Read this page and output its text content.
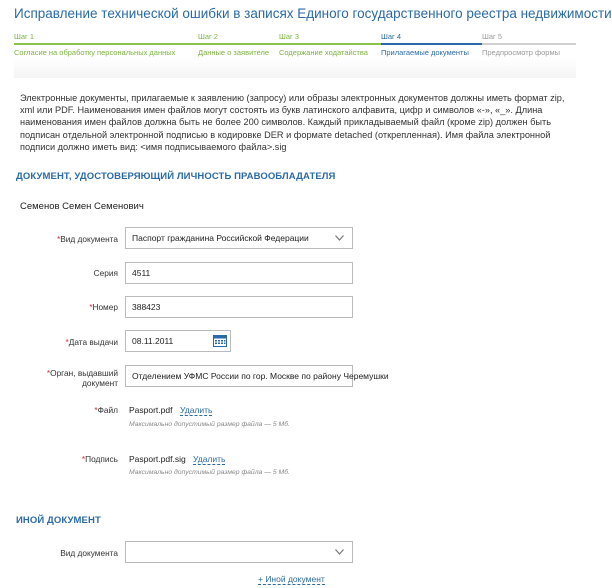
Исправление технической ошибки в записях Единого государственного реестра недвижимости
Шаг 1
Согласие на обработку персональных данных
Шаг 2
Данные о заявителе
Шаг 3
Содержание ходатайства
Шаг 4
Прилагаемые документы
Шаг 5
Предпросмотр формы

Электронные документы, прилагаемые к заявлению (запросу) или образы электронных документов должны иметь формат zip, xml или PDF. Наименования имен файлов могут состоять из букв латинского алфавита, цифр и символов «-», «_». Длина наименования имен файлов должна быть не более 200 символов. Каждый прикладываемый файл (кроме zip) должен быть подписан отдельной электронной подписью в кодировке DER и формате detached (открепленная). Имя файла электронной подписи должно иметь вид: <имя подписываемого файла>.sig

ДОКУМЕНТ, УДОСТОВЕРЯЮЩИЙ ЛИЧНОСТЬ ПРАВООБЛАДАТЕЛЯ
Семенов Семен Семенович
*Вид документа Паспорт гражданина Российской Федерации
Серия 4511
*Номер 388423
*Дата выдачи 08.11.2011
*Орган, выдавший
документ
Отделением УФМС России по гор. Москве по району Черемушки
*Файл Pasport.pdf Удалить
Максимально допустимый размер файла — 5 Мб.
*Подпись Pasport.pdf.sig Удалить
Максимально допустимый размер файла — 5 Мб.
ИНОЙ ДОКУМЕНТ
Вид документа
+ Иной документ
